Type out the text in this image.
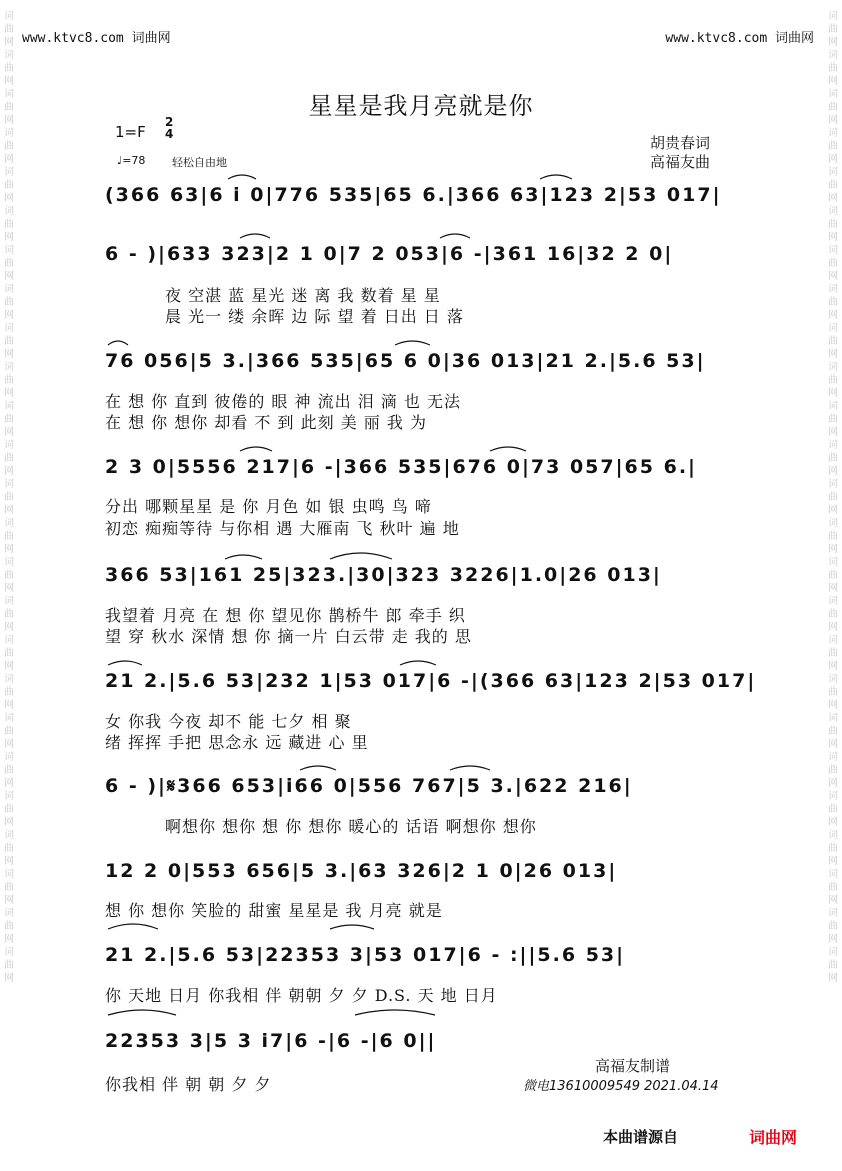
www.ktvc8.com 词曲网	www.ktvc8.com 词曲网
词曲网词曲网词曲网词曲网词曲网词曲网词曲网词曲网词曲网词曲网词曲网词曲网词曲网词曲网词曲网词曲网词曲网词曲网词曲网词曲网词曲网词曲网词曲网词曲网词曲网
词曲网词曲网词曲网词曲网词曲网词曲网词曲网词曲网词曲网词曲网词曲网词曲网词曲网词曲网词曲网词曲网词曲网词曲网词曲网词曲网词曲网词曲网词曲网词曲网词曲网
星星是我月亮就是你
1=F
2
4
♩=78 轻松自由地
胡贵春词
高福友曲
(366 63|6 i 0|776 535|65 6.|366 63|123 2|53 017|
6 - )|633 323|2 1 0|7 2 053|6 -|361 16|32 2 0|
夜 空湛 蓝 星光 迷 离 我 数着 星 星
晨 光一 缕 余晖 边 际 望 着 日出 日 落
76 056|5 3.|366 535|65 6 0|36 013|21 2.|5.6 53|
在 想 你 直到 彼倦的 眼 神 流出 泪 滴 也 无法
在 想 你 想你 却看 不 到 此刻 美 丽 我 为
2 3 0|5556 217|6 -|366 535|676 0|73 057|65 6.|
分出 哪颗星星 是 你 月色 如 银 虫鸣 鸟 啼
初恋 痴痴等待 与你相 遇 大雁南 飞 秋叶 遍 地
366 53|161 25|323.|30|323 3226|1.0|26 013|
我望着 月亮 在 想 你 望见你 鹊桥牛 郎 牵手 织
望 穿 秋水 深情 想 你 摘一片 白云带 走 我的 思
21 2.|5.6 53|232 1|53 017|6 -|(366 63|123 2|53 017|
女 你我 今夜 却不 能 七夕 相 聚
绪 挥挥 手把 思念永 远 藏进 心 里
6 - )|𝄋366 653|i66 0|556 767|5 3.|622 216|
啊想你 想你 想 你 想你 暖心的 话语 啊想你 想你
12 2 0|553 656|5 3.|63 326|2 1 0|26 013|
想 你 想你 笑脸的 甜蜜 星星是 我 月亮 就是
21 2.|5.6 53|22353 3|53 017|6 - :||5.6 53|
你 天地 日月 你我相 伴 朝朝 夕 夕 D.S. 天 地 日月
22353 3|5 3 i7|6 -|6 -|6 0||
你我相 伴 朝 朝 夕 夕
高福友制谱
微电13610009549 2021.04.14
本曲谱源自	词曲网
